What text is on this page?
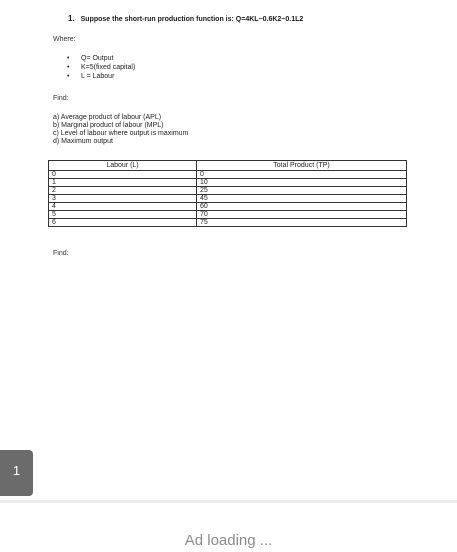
1. Suppose the short-run production function is: Q=4KL−0.6K2−0.1L2
Where:
• Q= Output
• K=5(fixed capital)
• L = Labour
Find:
a) Average product of labour (APL)
b) Marginal product of labour (MPL)
c) Level of labour where output is maximum
d) Maximum output
Labour (L)	Total Product (TP)
0	0
1	10
2	25
3	45
4	60
5	70
6	75
Find:
1
Ad loading ...
